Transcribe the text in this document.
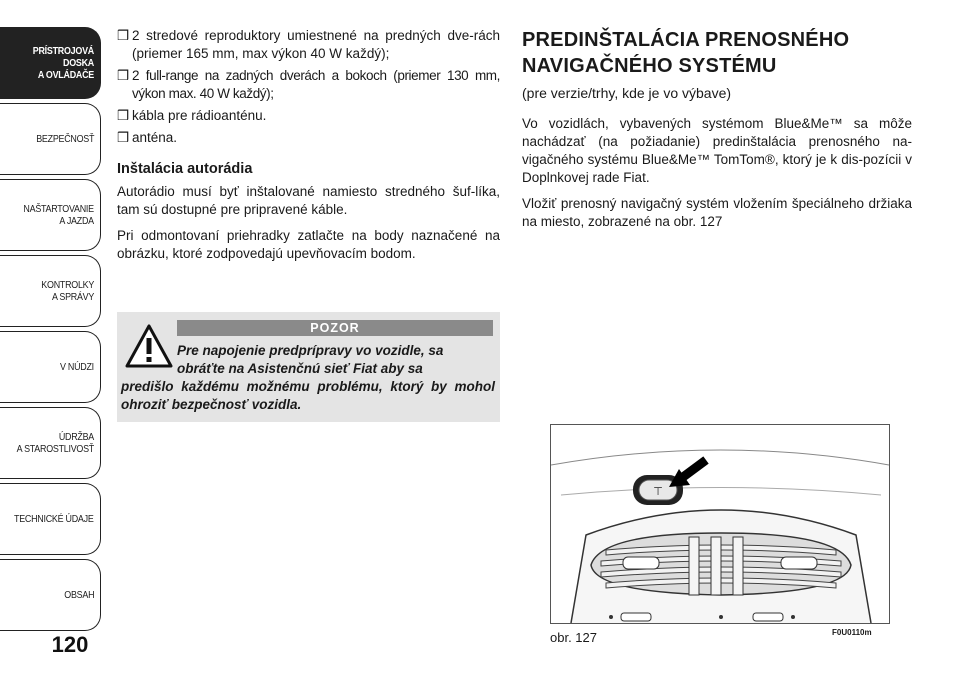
PRÍSTROJOVÁ
DOSKA
A OVLÁDAČE
BEZPEČNOSŤ
NAŠTARTOVANIE
A JAZDA
KONTROLKY
A SPRÁVY
V NÚDZI
ÚDRŽBA
A STAROSTLIVOSŤ
TECHNICKÉ ÚDAJE
OBSAH
120

❒ 2 stredové reproduktory umiestnené na predných dve-rách (priemer 165 mm, max výkon 40 W každý);

❒ 2 full-range na zadných dverách a bokoch (priemer 130 mm, výkon max. 40 W každý);

❒ kábla pre rádioanténu.

❒ anténa.

Inštalácia autorádia

Autorádio musí byť inštalované namiesto stredného šuf-líka, tam sú dostupné pre pripravené káble.

Pri odmontovaní priehradky zatlačte na body naznačené na obrázku, ktoré zodpovedajú upevňovacím bodom.

POZOR
Pre napojenie predprípravy vo vozidle, sa
obráťte na Asistenčnú sieť Fiat aby sa
predišlo každému možnému problému, ktorý by mohol ohroziť bezpečnosť vozidla.
PREDINŠTALÁCIA PRENOSNÉHO
NAVIGAČNÉHO SYSTÉMU

(pre verzie/trhy, kde je vo výbave)

Vo vozidlách, vybavených systémom Blue&Me™ sa môže nachádzať (na požiadanie) predinštalácia prenosného na-vigačného systému Blue&Me™ TomTom®, ktorý je k dis-pozícii v Doplnkovej rade Fiat.

Vložiť prenosný navigačný systém vložením špeciálneho držiaka na miesto, zobrazené na obr. 127

⊤
obr. 127	F0U0110m
